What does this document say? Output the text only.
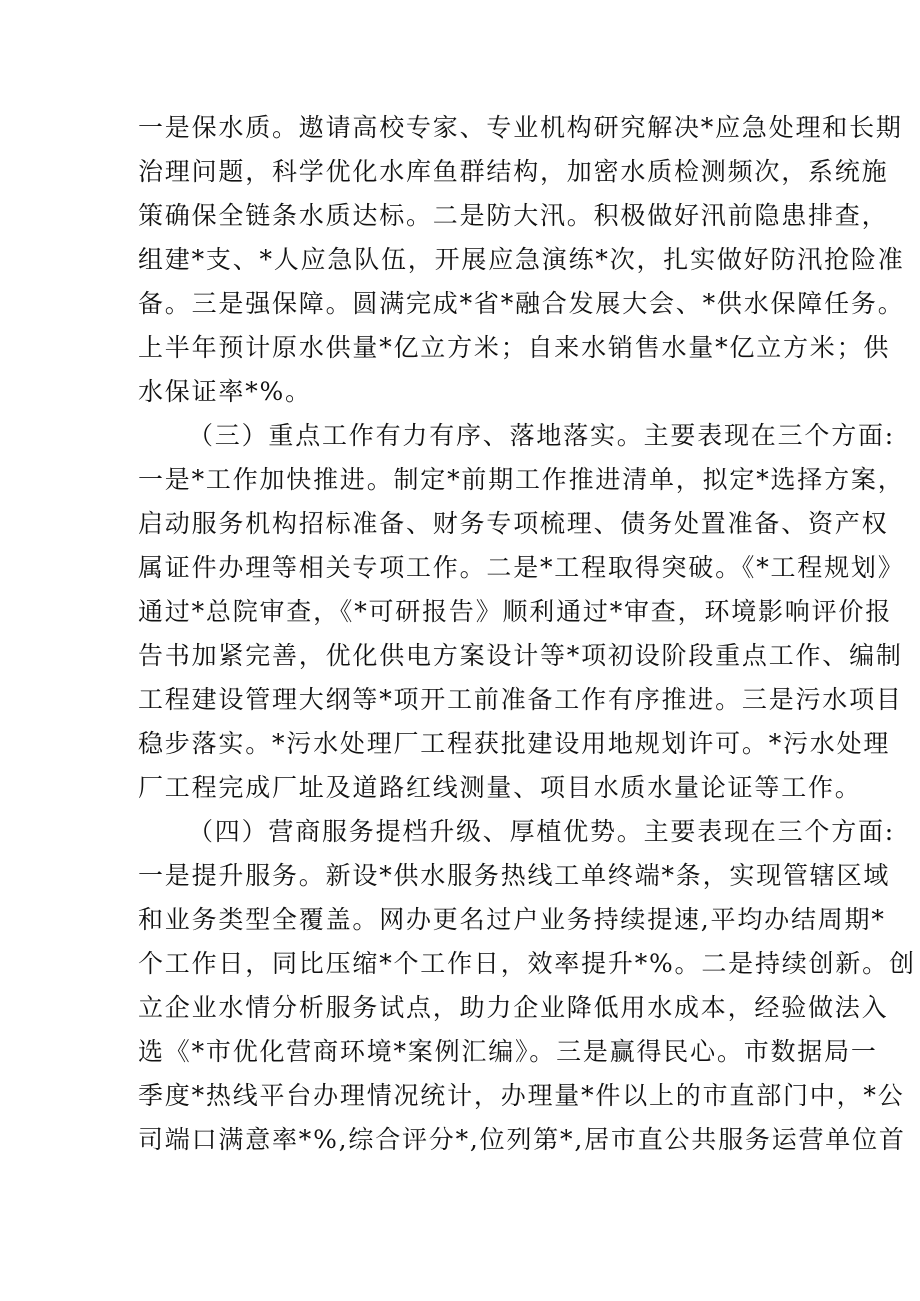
一是保水质。遨请高校专家、专业机构研究解决*应急处理和长期
治理问题，科学优化水库鱼群结构，加密水质检测频次，系统施
策确保全链条水质达标。二是防大汛。积极做好汛前隐患排查，
组建*支、*人应急队伍，开展应急演练*次，扎实做好防汛抢险准
备。三是强保障。圆满完成*省*融合发展大会、*供水保障任务。
上半年预计原水供量*亿立方米；自来水销售水量*亿立方米；供
水保证率*%。
（三）重点工作有力有序、落地落实。主要表现在三个方面:
一是*工作加快推进。制定*前期工作推进清单，拟定*选择方案，
启动服务机构招标准备、财务专项梳理、债务处置准备、资产权
属证件办理等相关专项工作。二是*工程取得突破。《*工程规划》
通过*总院审查，《*可研报告》顺利通过*审查，环境影响评价报
告书加紧完善，优化供电方案设计等*项初设阶段重点工作、编制
工程建设管理大纲等*项开工前准备工作有序推进。三是污水项目
稳步落实。*污水处理厂工程获批建设用地规划许可。*污水处理
厂工程完成厂址及道路红线测量、项目水质水量论证等工作。
（四）营商服务提档升级、厚植优势。主要表现在三个方面:
一是提升服务。新设*供水服务热线工单终端*条，实现管辖区域
和业务类型全覆盖。网办更名过户业务持续提速,平均办结周期*
个工作日，同比压缩*个工作日，效率提升*%。二是持续创新。创
立企业水情分析服务试点，助力企业降低用水成本，经验做法入
选《*市优化营商环境*案例汇编》。三是赢得民心。市数据局一
季度*热线平台办理情况统计，办理量*件以上的市直部门中，*公
司端口满意率*%,综合评分*,位列第*,居市直公共服务运营单位首
